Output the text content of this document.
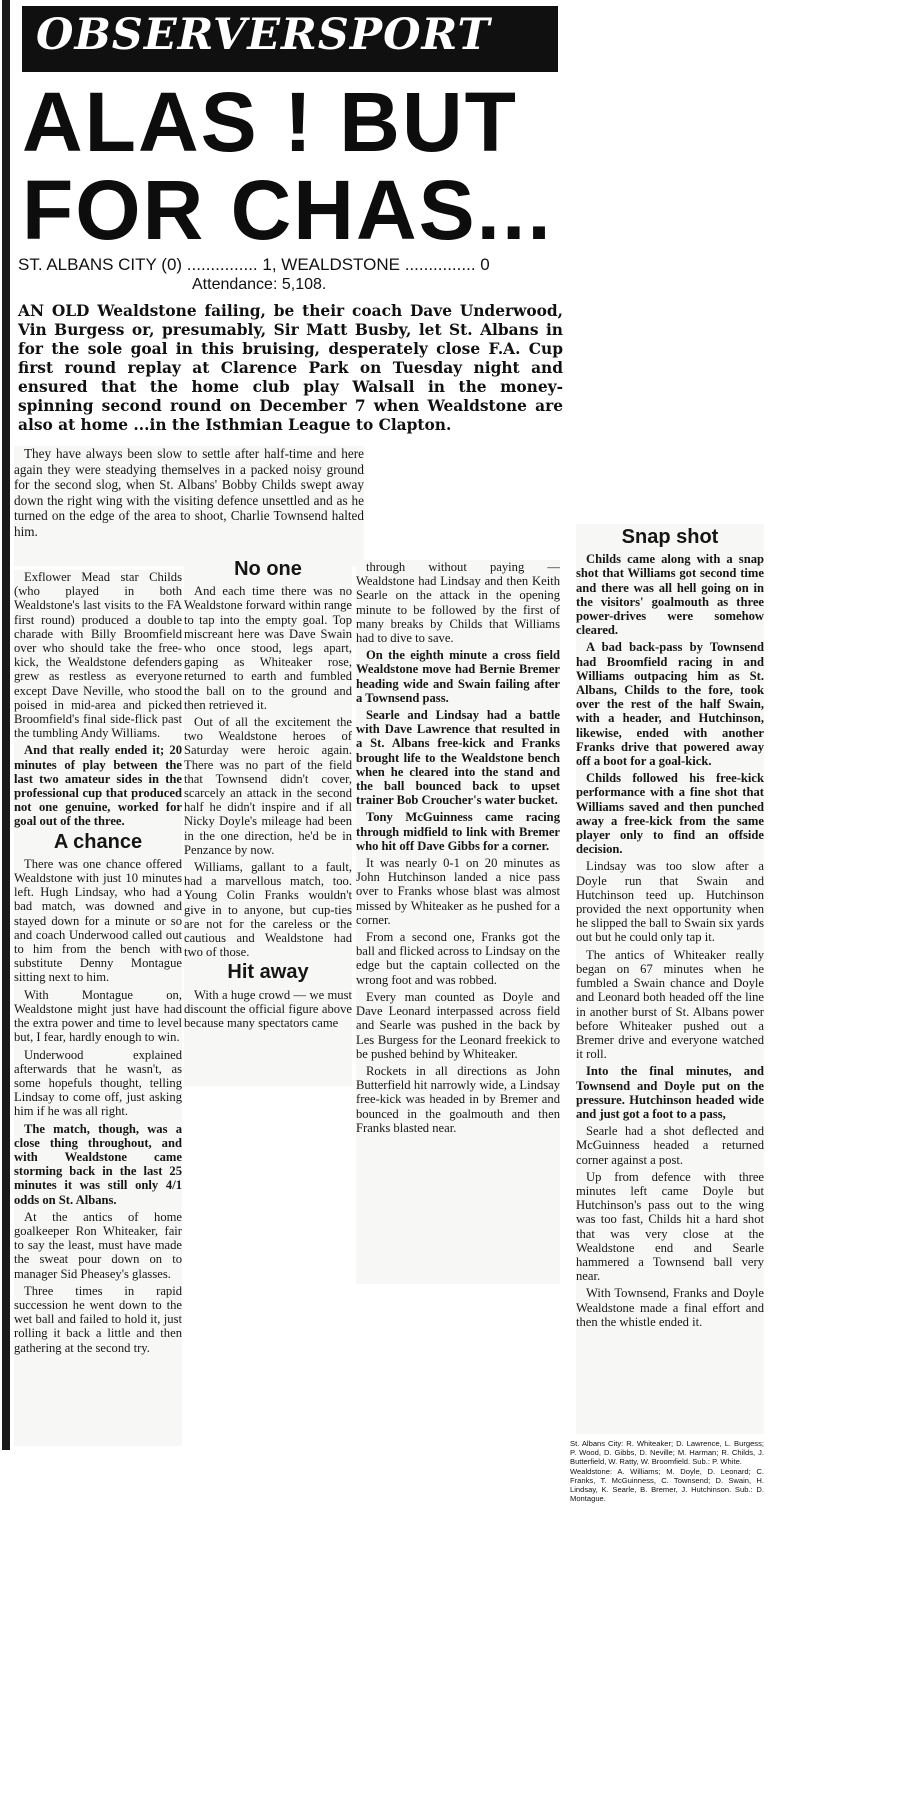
OBSERVERSPORT
ALAS ! BUT
FOR CHAS...
ST. ALBANS CITY (0) ............... 1, WEALDSTONE ............... 0
Attendance: 5,108.
AN OLD Wealdstone failing, be their coach Dave Underwood, Vin Burgess or, presumably, Sir Matt Busby, let St. Albans in for the sole goal in this bruising, desperately close F.A. Cup first round replay at Clarence Park on Tuesday night and ensured that the home club play Walsall in the money-spinning second round on December 7 when Wealdstone are also at home ...in the Isthmian League to Clapton.

They have always been slow to settle after half-time and here again they were steadying themselves in a packed noisy ground for the second slog, when St. Albans' Bobby Childs swept away down the right wing with the visiting defence unsettled and as he turned on the edge of the area to shoot, Charlie Townsend halted him.

Exflower Mead star Childs (who played in both Wealdstone's last visits to the FA first round) produced a double charade with Billy Broomfield over who should take the free-kick, the Wealdstone defenders grew as restless as everyone except Dave Neville, who stood poised in mid-area and picked Broomfield's final side-flick past the tumbling Andy Williams.

And that really ended it; 20 minutes of play between the last two amateur sides in the professional cup that produced not one genuine, worked for goal out of the three.

A chance

There was one chance offered Wealdstone with just 10 minutes left. Hugh Lindsay, who had a bad match, was downed and stayed down for a minute or so and coach Underwood called out to him from the bench with substitute Denny Montague sitting next to him.

With Montague on, Wealdstone might just have had the extra power and time to level but, I fear, hardly enough to win.

Underwood explained afterwards that he wasn't, as some hopefuls thought, telling Lindsay to come off, just asking him if he was all right.

The match, though, was a close thing throughout, and with Wealdstone came storming back in the last 25 minutes it was still only 4/1 odds on St. Albans.

At the antics of home goalkeeper Ron Whiteaker, fair to say the least, must have made the sweat pour down on to manager Sid Pheasey's glasses.

Three times in rapid succession he went down to the wet ball and failed to hold it, just rolling it back a little and then gathering at the second try.

No one

And each time there was no Wealdstone forward within range to tap into the empty goal. Top miscreant here was Dave Swain who once stood, legs apart, gaping as Whiteaker rose, returned to earth and fumbled the ball on to the ground and then retrieved it.

Out of all the excitement the two Wealdstone heroes of Saturday were heroic again. There was no part of the field that Townsend didn't cover, scarcely an attack in the second half he didn't inspire and if all Nicky Doyle's mileage had been in the one direction, he'd be in Penzance by now.

Williams, gallant to a fault, had a marvellous match, too. Young Colin Franks wouldn't give in to anyone, but cup-ties are not for the careless or the cautious and Wealdstone had two of those.

Hit away

With a huge crowd — we must discount the official figure above because many spectators came

through without paying — Wealdstone had Lindsay and then Keith Searle on the attack in the opening minute to be followed by the first of many breaks by Childs that Williams had to dive to save.

On the eighth minute a cross field Wealdstone move had Bernie Bremer heading wide and Swain failing after a Townsend pass.

Searle and Lindsay had a battle with Dave Lawrence that resulted in a St. Albans free-kick and Franks brought life to the Wealdstone bench when he cleared into the stand and the ball bounced back to upset trainer Bob Croucher's water bucket.

Tony McGuinness came racing through midfield to link with Bremer who hit off Dave Gibbs for a corner.

It was nearly 0-1 on 20 minutes as John Hutchinson landed a nice pass over to Franks whose blast was almost missed by Whiteaker as he pushed for a corner.

From a second one, Franks got the ball and flicked across to Lindsay on the edge but the captain collected on the wrong foot and was robbed.

Every man counted as Doyle and Dave Leonard interpassed across field and Searle was pushed in the back by Les Burgess for the Leonard freekick to be pushed behind by Whiteaker.

Rockets in all directions as John Butterfield hit narrowly wide, a Lindsay free-kick was headed in by Bremer and bounced in the goalmouth and then Franks blasted near.

Snap shot

Childs came along with a snap shot that Williams got second time and there was all hell going on in the visitors' goalmouth as three power-drives were somehow cleared.

A bad back-pass by Townsend had Broomfield racing in and Williams outpacing him as St. Albans, Childs to the fore, took over the rest of the half Swain, with a header, and Hutchinson, likewise, ended with another Franks drive that powered away off a boot for a goal-kick.

Childs followed his free-kick performance with a fine shot that Williams saved and then punched away a free-kick from the same player only to find an offside decision.

Lindsay was too slow after a Doyle run that Swain and Hutchinson teed up. Hutchinson provided the next opportunity when he slipped the ball to Swain six yards out but he could only tap it.

The antics of Whiteaker really began on 67 minutes when he fumbled a Swain chance and Doyle and Leonard both headed off the line in another burst of St. Albans power before Whiteaker pushed out a Bremer drive and everyone watched it roll.

Into the final minutes, and Townsend and Doyle put on the pressure. Hutchinson headed wide and just got a foot to a pass,

Searle had a shot deflected and McGuinness headed a returned corner against a post.

Up from defence with three minutes left came Doyle but Hutchinson's pass out to the wing was too fast, Childs hit a hard shot that was very close at the Wealdstone end and Searle hammered a Townsend ball very near.

With Townsend, Franks and Doyle Wealdstone made a final effort and then the whistle ended it.

St. Albans City: R. Whiteaker; D. Lawrence, L. Burgess; P. Wood, D. Gibbs, D. Neville; M. Harman; R. Childs, J. Butterfield, W. Ratty, W. Broomfield. Sub.: P. White.

Wealdstone: A. Williams; M. Doyle, D. Leonard; C. Franks, T. McGuinness, C. Townsend; D. Swain, H. Lindsay, K. Searle, B. Bremer, J. Hutchinson. Sub.: D. Montague.
